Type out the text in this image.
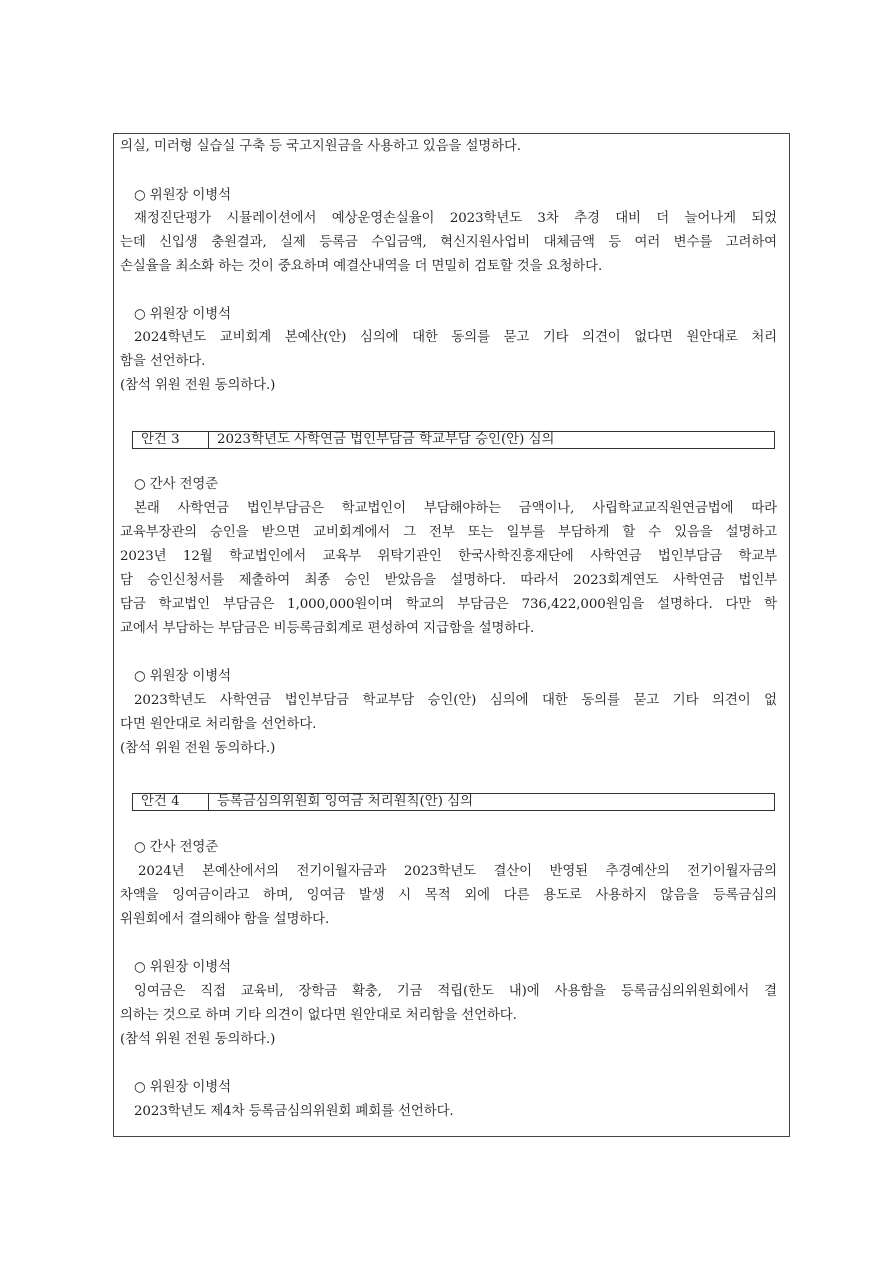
의실, 미러형 실습실 구축 등 국고지원금을 사용하고 있음을 설명하다.
○ 위원장 이병석
재정진단평가 시뮬레이션에서 예상운영손실율이 2023학년도 3차 추경 대비 더 늘어나게 되었
는데 신입생 충원결과, 실제 등록금 수입금액, 혁신지원사업비 대체금액 등 여러 변수를 고려하여
손실율을 최소화 하는 것이 중요하며 예결산내역을 더 면밀히 검토할 것을 요청하다.
○ 위원장 이병석
2024학년도 교비회계 본예산(안) 심의에 대한 동의를 묻고 기타 의견이 없다면 원안대로 처리
함을 선언하다.
(참석 위원 전원 동의하다.)
안건 3	2023학년도 사학연금 법인부담금 학교부담 승인(안) 심의
○ 간사 전영준
본래 사학연금 법인부담금은 학교법인이 부담해야하는 금액이나, 사립학교교직원연금법에 따라
교육부장관의 승인을 받으면 교비회계에서 그 전부 또는 일부를 부담하게 할 수 있음을 설명하고
2023년 12월 학교법인에서 교육부 위탁기관인 한국사학진흥재단에 사학연금 법인부담금 학교부
담 승인신청서를 제출하여 최종 승인 받았음을 설명하다. 따라서 2023회계연도 사학연금 법인부
담금 학교법인 부담금은 1,000,000원이며 학교의 부담금은 736,422,000원임을 설명하다. 다만 학
교에서 부담하는 부담금은 비등록금회계로 편성하여 지급함을 설명하다.
○ 위원장 이병석
2023학년도 사학연금 법인부담금 학교부담 승인(안) 심의에 대한 동의를 묻고 기타 의견이 없
다면 원안대로 처리함을 선언하다.
(참석 위원 전원 동의하다.)
안건 4	등록금심의위원회 잉여금 처리원칙(안) 심의
○ 간사 전영준
2024년 본예산에서의 전기이월자금과 2023학년도 결산이 반영된 추경예산의 전기이월자금의
차액을 잉여금이라고 하며, 잉여금 발생 시 목적 외에 다른 용도로 사용하지 않음을 등록금심의
위원회에서 결의해야 함을 설명하다.
○ 위원장 이병석
잉여금은 직접 교육비, 장학금 확충, 기금 적립(한도 내)에 사용함을 등록금심의위원회에서 결
의하는 것으로 하며 기타 의견이 없다면 원안대로 처리함을 선언하다.
(참석 위원 전원 동의하다.)
○ 위원장 이병석
2023학년도 제4차 등록금심의위원회 폐회를 선언하다.
